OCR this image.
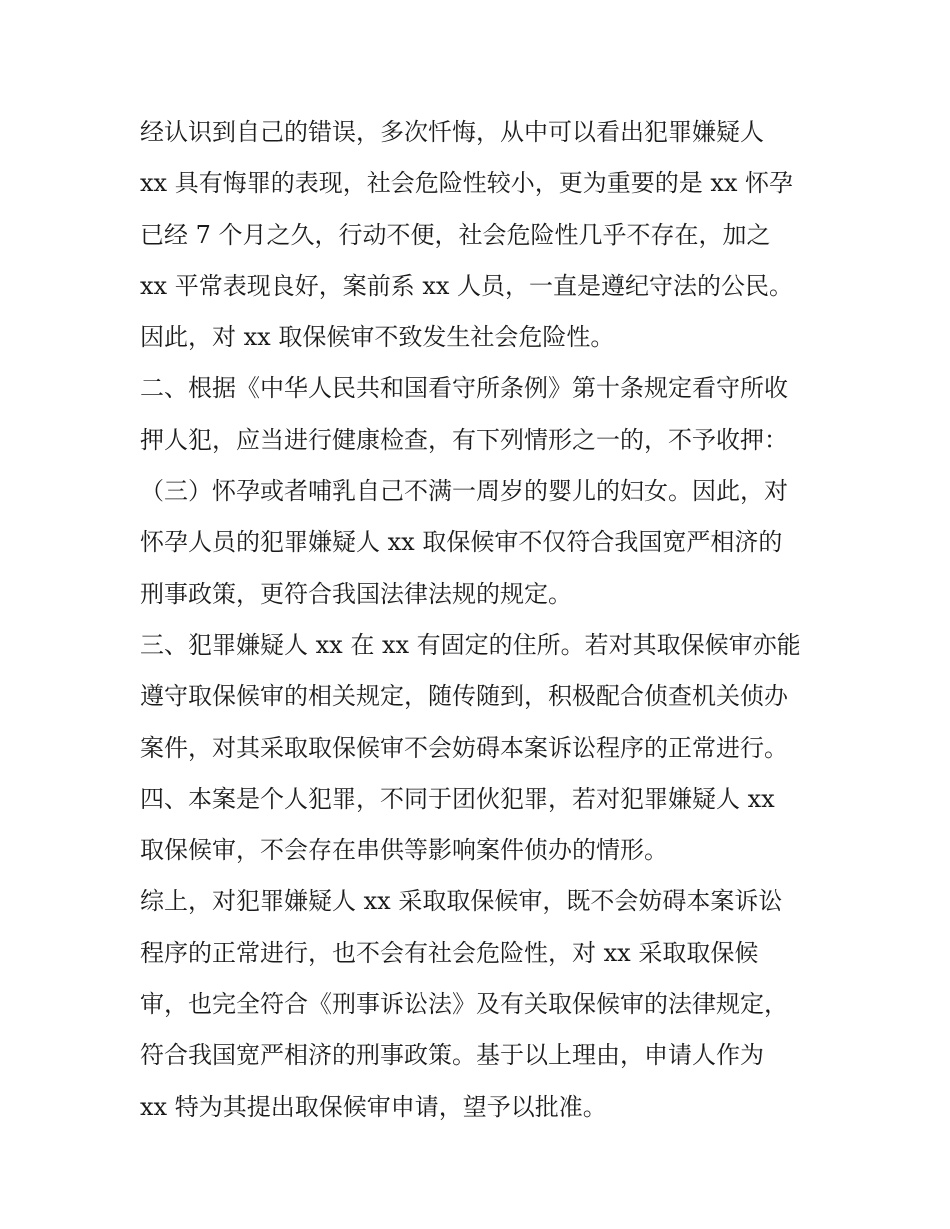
经认识到自己的错误，多次忏悔，从中可以看出犯罪嫌疑人
xx 具有悔罪的表现，社会危险性较小，更为重要的是 xx 怀孕
已经 7 个月之久，行动不便，社会危险性几乎不存在，加之
xx 平常表现良好，案前系 xx 人员，一直是遵纪守法的公民。
因此，对 xx 取保候审不致发生社会危险性。
二、根据《中华人民共和国看守所条例》第十条规定看守所收
押人犯，应当进行健康检查，有下列情形之一的，不予收押：
（三）怀孕或者哺乳自己不满一周岁的婴儿的妇女。因此，对
怀孕人员的犯罪嫌疑人 xx 取保候审不仅符合我国宽严相济的
刑事政策，更符合我国法律法规的规定。
三、犯罪嫌疑人 xx 在 xx 有固定的住所。若对其取保候审亦能
遵守取保候审的相关规定，随传随到，积极配合侦查机关侦办
案件，对其采取取保候审不会妨碍本案诉讼程序的正常进行。
四、本案是个人犯罪，不同于团伙犯罪，若对犯罪嫌疑人 xx
取保候审，不会存在串供等影响案件侦办的情形。
综上，对犯罪嫌疑人 xx 采取取保候审，既不会妨碍本案诉讼
程序的正常进行，也不会有社会危险性，对 xx 采取取保候
审，也完全符合《刑事诉讼法》及有关取保候审的法律规定，
符合我国宽严相济的刑事政策。基于以上理由，申请人作为
xx 特为其提出取保候审申请，望予以批准。
